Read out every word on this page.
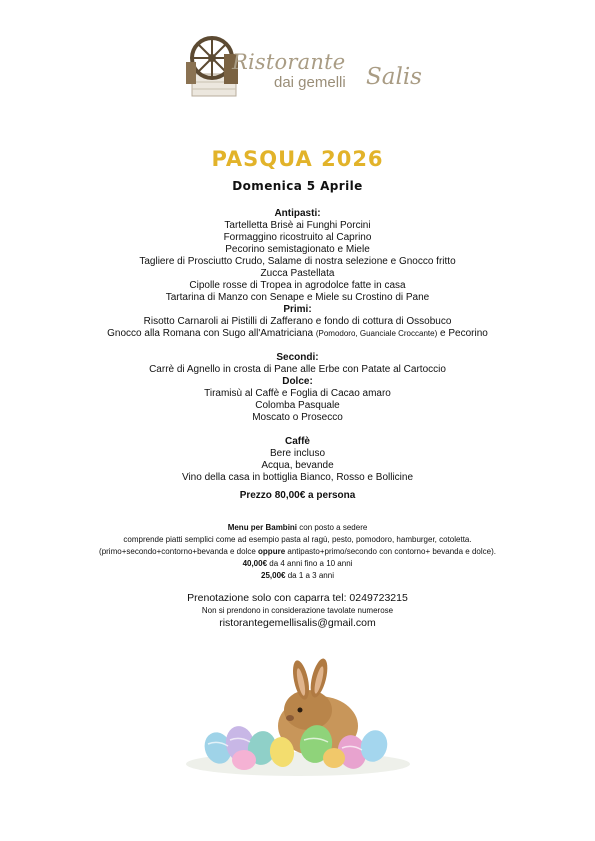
Ristorante
dai gemelli Salis
PASQUA 2026
Domenica 5 Aprile
Antipasti:
Tartelletta Brisè ai Funghi Porcini
Formaggino ricostruito al Caprino
Pecorino semistagionato e Miele
Tagliere di Prosciutto Crudo, Salame di nostra selezione e Gnocco fritto
Zucca Pastellata
Cipolle rosse di Tropea in agrodolce fatte in casa
Tartarina di Manzo con Senape e Miele su Crostino di Pane
Primi:
Risotto Carnaroli ai Pistilli di Zafferano e fondo di cottura di Ossobuco
Gnocco alla Romana con Sugo all'Amatriciana (Pomodoro, Guanciale Croccante) e Pecorino
Secondi:
Carrè di Agnello in crosta di Pane alle Erbe con Patate al Cartoccio
Dolce:
Tiramisù al Caffè e Foglia di Cacao amaro
Colomba Pasquale
Moscato o Prosecco
Caffè
Bere incluso
Acqua, bevande
Vino della casa in bottiglia Bianco, Rosso e Bollicine
Prezzo 80,00€ a persona
Menu per Bambini con posto a sedere
comprende piatti semplici come ad esempio pasta al ragù, pesto, pomodoro, hamburger, cotoletta.
(primo+secondo+contorno+bevanda e dolce oppure antipasto+primo/secondo con contorno+ bevanda e dolce).
40,00€ da 4 anni fino a 10 anni
25,00€ da 1 a 3 anni
Prenotazione solo con caparra tel: 0249723215
Non si prendono in considerazione tavolate numerose
ristorantegemellisalis@gmail.com
